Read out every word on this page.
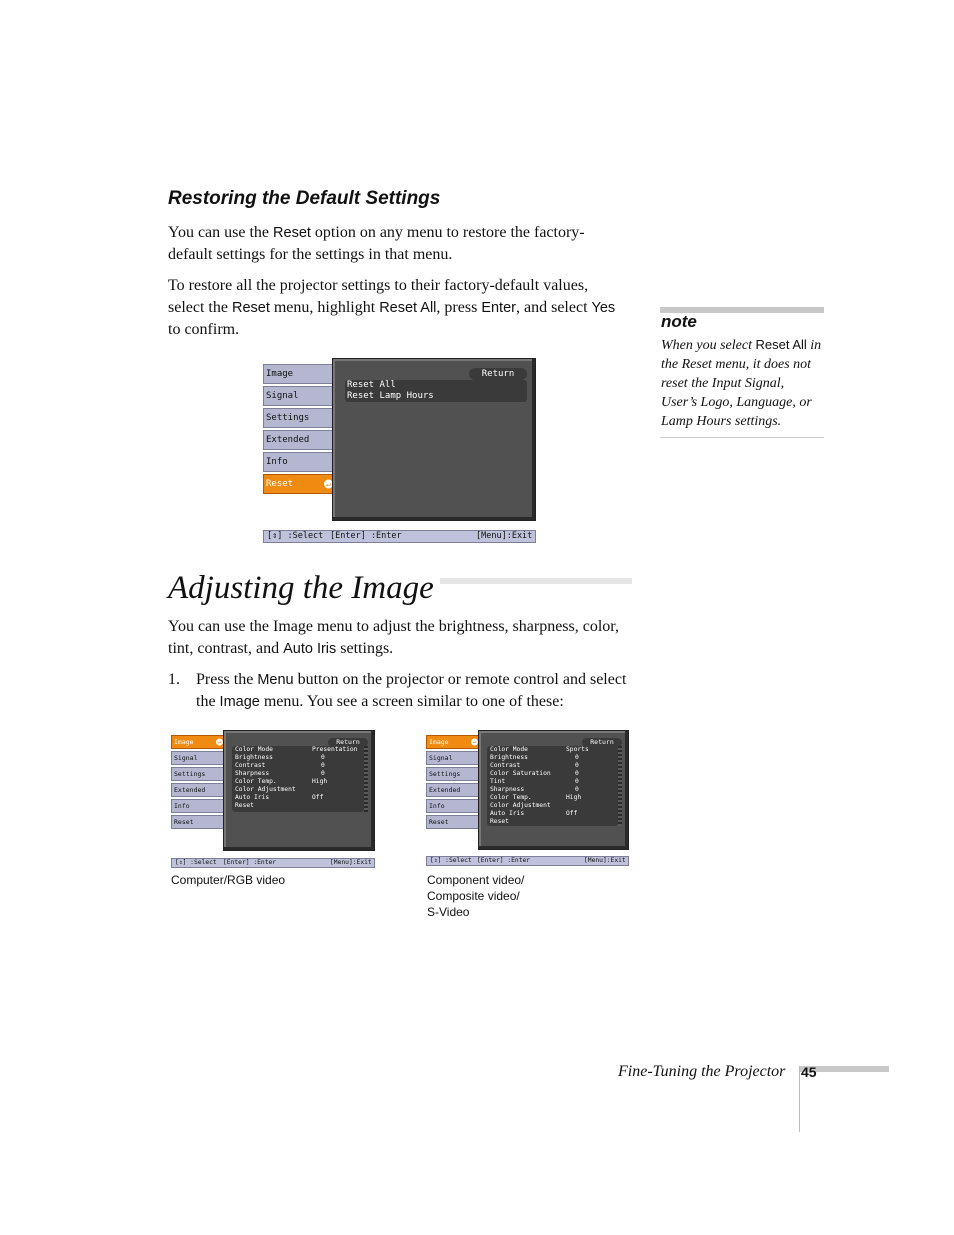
Restoring the Default Settings

You can use the Reset option on any menu to restore the factory-default settings for the settings in that menu.

To restore all the projector settings to their factory-default values, select the Reset menu, highlight Reset All, press Enter, and select Yes to confirm.	note

When you select Reset All in the Reset menu, it does not reset the Input Signal, User’s Logo, Language, or Lamp Hours settings.

Image
Signal
Settings
Extended
Info
Reset	↵
Return
Reset All
Reset Lamp Hours
[⇕] :Select [Enter] :Enter	[Menu]:Exit
Adjusting the Image

You can use the Image menu to adjust the brightness, sharpness, color, tint, contrast, and Auto Iris settings.

1. Press the Menu button on the projector or remote control and select the Image menu. You see a screen similar to one of these:

Image	↵
Signal
Settings
Extended
Info
Reset
Return
Color Mode	Presentation
Brightness	0
Contrast	0
Sharpness	0
Color Temp.	High
Color Adjustment
Auto Iris	Off
Reset
[⇕] :Select [Enter] :Enter	[Menu]:Exit

Computer/RGB video

Image	↵
Signal
Settings
Extended
Info
Reset
Return
Color Mode	Sports
Brightness	0
Contrast	0
Color Saturation	0
Tint	0
Sharpness	0
Color Temp.	High
Color Adjustment
Auto Iris	Off
Reset
[⇕] :Select [Enter] :Enter	[Menu]:Exit

Component video/
Composite video/
S-Video

Fine-Tuning the Projector 45
